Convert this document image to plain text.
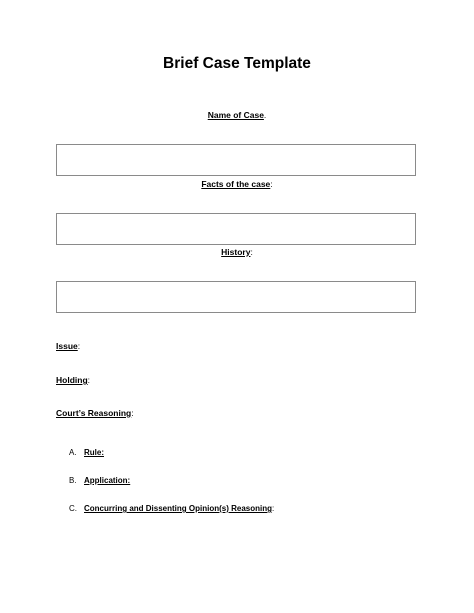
Brief Case Template
Name of Case.
Facts of the case:
History:
Issue:
Holding:
Court’s Reasoning:
A. Rule:
B. Application:
C. Concurring and Dissenting Opinion(s) Reasoning :
